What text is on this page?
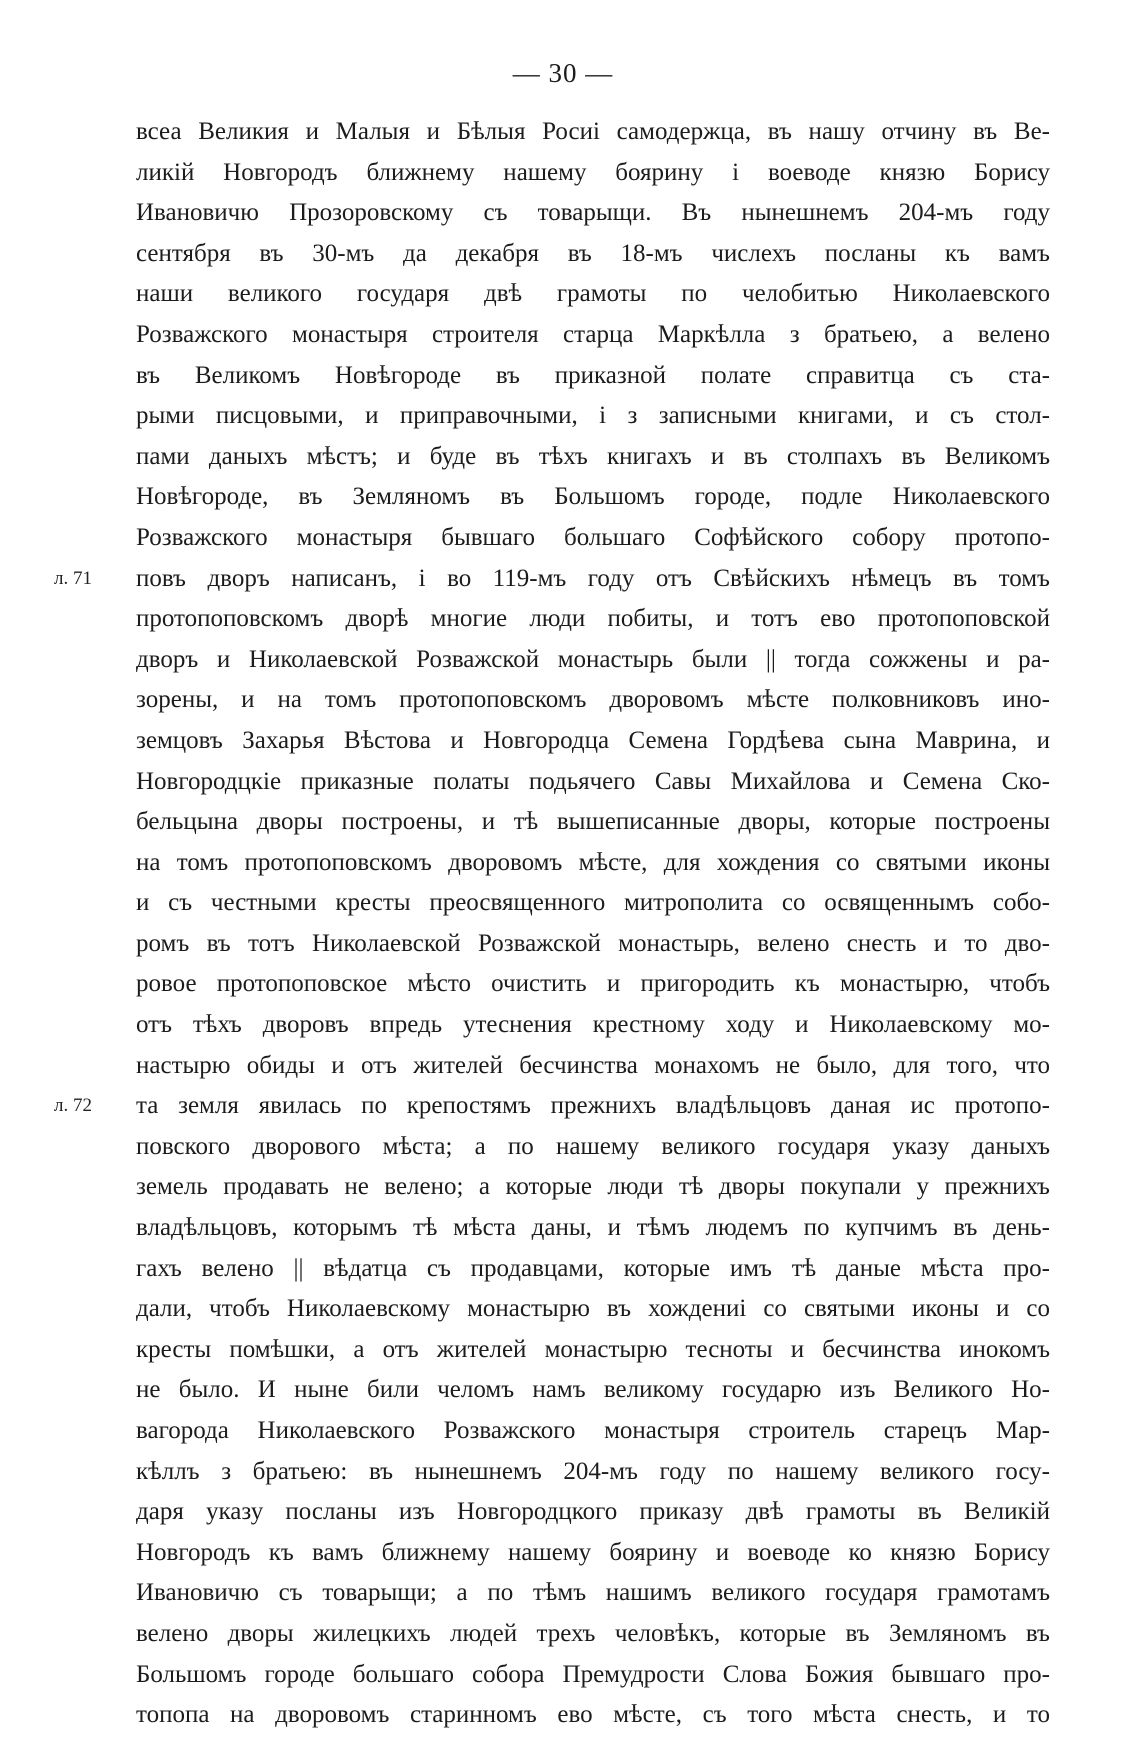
— 30 —
л. 71
л. 72
всеа Великия и Малыя и Бѣлыя Росиі самодержца, въ нашу отчину въ Ве-
ликій Новгородъ ближнему нашему боярину і воеводе князю Борису
Ивановичю Прозоровскому съ товарыщи. Въ нынешнемъ 204-мъ году
сентября въ 30-мъ да декабря въ 18-мъ числехъ посланы къ вамъ
наши великого государя двѣ грамоты по челобитью Николаевского
Розважского монастыря строителя старца Маркѣлла з братьею, а велено
въ Великомъ Новѣгороде въ приказной полате справитца съ ста-
рыми писцовыми, и приправочными, і з записными книгами, и съ стол-
пами даныхъ мѣстъ; и буде въ тѣхъ книгахъ и въ столпахъ въ Великомъ
Новѣгороде, въ Земляномъ въ Большомъ городе, подле Николаевского
Розважского монастыря бывшаго большаго Софѣйского собору протопо-
повъ дворъ написанъ, і во 119-мъ году отъ Свѣйскихъ нѣмецъ въ томъ
протопоповскомъ дворѣ многие люди побиты, и тотъ ево протопоповской
дворъ и Николаевской Розважской монастырь были || тогда сожжены и ра-
зорены, и на томъ протопоповскомъ дворовомъ мѣсте полковниковъ ино-
земцовъ Захарья Вѣстова и Новгородца Семена Гордѣева сына Маврина, и
Новгородцкіе приказные полаты подьячего Савы Михайлова и Семена Ско-
бельцына дворы построены, и тѣ вышеписанные дворы, которые построены
на томъ протопоповскомъ дворовомъ мѣсте, для хождения со святыми иконы
и съ честными кресты преосвященного митрополита со освященнымъ собо-
ромъ въ тотъ Николаевской Розважской монастырь, велено снесть и то дво-
ровое протопоповское мѣсто очистить и пригородить къ монастырю, чтобъ
отъ тѣхъ дворовъ впредь утеснения крестному ходу и Николаевскому мо-
настырю обиды и отъ жителей бесчинства монахомъ не было, для того, что
та земля явилась по крепостямъ прежнихъ владѣльцовъ даная ис протопо-
повского дворового мѣста; а по нашему великого государя указу даныхъ
земель продавать не велено; а которые люди тѣ дворы покупали у прежнихъ
владѣльцовъ, которымъ тѣ мѣста даны, и тѣмъ людемъ по купчимъ въ день-
гахъ велено || вѣдатца съ продавцами, которые имъ тѣ даные мѣста про-
дали, чтобъ Николаевскому монастырю въ хождениі со святыми иконы и со
кресты помѣшки, а отъ жителей монастырю тесноты и бесчинства инокомъ
не было. И ныне били челомъ намъ великому государю изъ Великого Но-
вагорода Николаевского Розважского монастыря строитель старецъ Мар-
кѣллъ з братьею: въ нынешнемъ 204-мъ году по нашему великого госу-
даря указу посланы изъ Новгородцкого приказу двѣ грамоты въ Великій
Новгородъ къ вамъ ближнему нашему боярину и воеводе ко князю Борису
Ивановичю съ товарыщи; а по тѣмъ нашимъ великого государя грамотамъ
велено дворы жилецкихъ людей трехъ человѣкъ, которые въ Земляномъ въ
Большомъ городе большаго собора Премудрости Слова Божия бывшаго про-
топопа на дворовомъ старинномъ ево мѣсте, съ того мѣста снесть, и то
